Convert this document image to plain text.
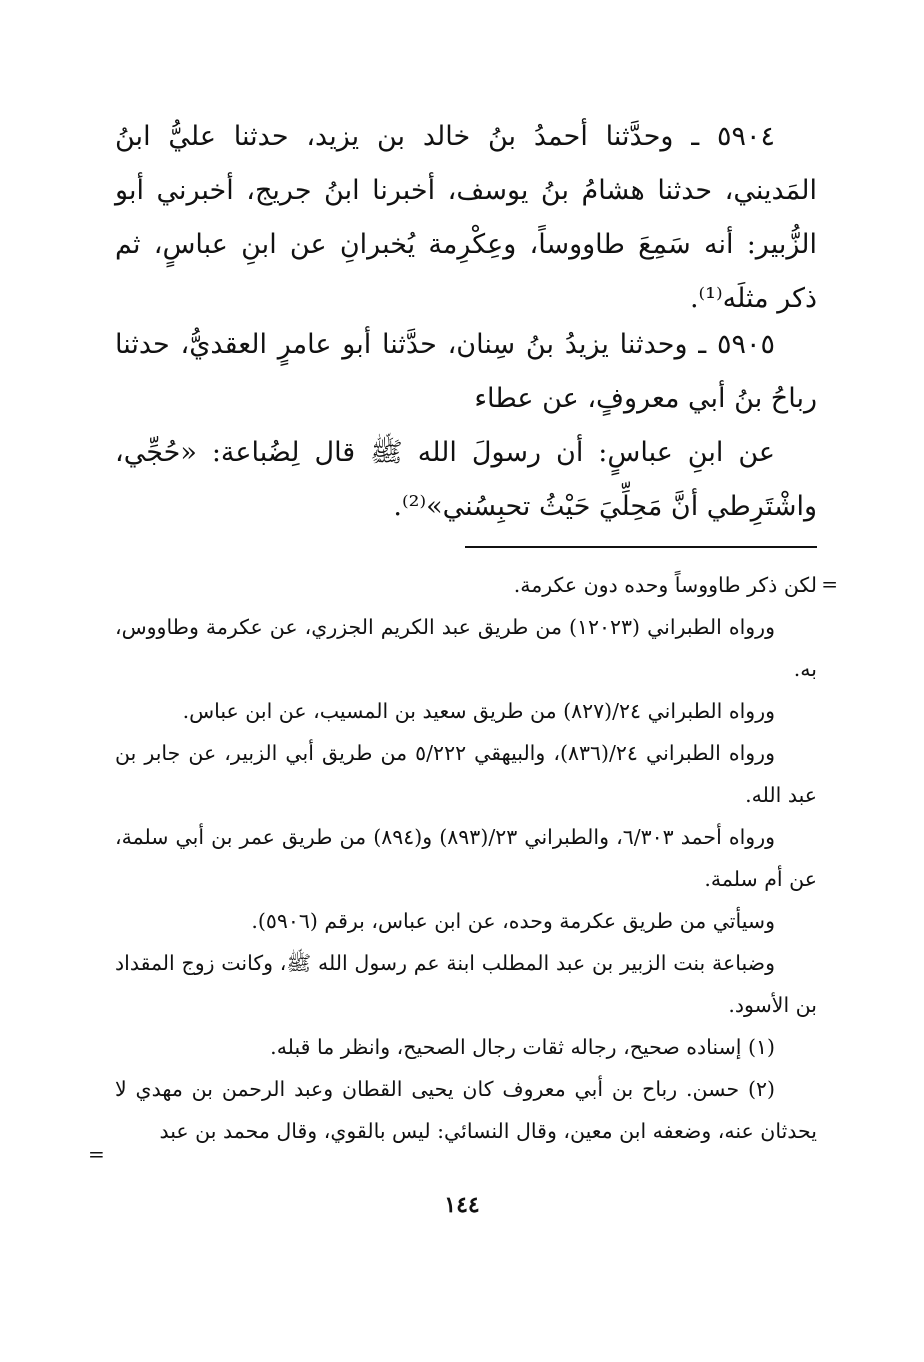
٥٩٠٤ ـ وحدَّثنا أحمدُ بنُ خالد بن يزيد، حدثنا عليُّ ابنُ المَديني، حدثنا هشامُ بنُ يوسف، أخبرنا ابنُ جريج، أخبرني أبو الزُّبير: أنه سَمِعَ طاووساً، وعِكْرِمة يُخبرانِ عن ابنِ عباسٍ، ثم ذكر مثلَه⁽¹⁾.

٥٩٠٥ ـ وحدثنا يزيدُ بنُ سِنان، حدَّثنا أبو عامرٍ العقديُّ، حدثنا رباحُ بنُ أبي معروفٍ، عن عطاء

عن ابنِ عباسٍ: أن رسولَ الله ﷺ قال لِضُباعة: «حُجِّي، واشْتَرِطي أنَّ مَحِلِّيَ حَيْثُ تحبِسُني»⁽²⁾.

=

لكن ذكر طاووساً وحده دون عكرمة.

ورواه الطبراني (١٢٠٢٣) من طريق عبد الكريم الجزري، عن عكرمة وطاووس، به.

ورواه الطبراني ٢٤/(٨٢٧) من طريق سعيد بن المسيب، عن ابن عباس.

ورواه الطبراني ٢٤/(٨٣٦)، والبيهقي ٥/٢٢٢ من طريق أبي الزبير، عن جابر بن عبد الله.

ورواه أحمد ٦/٣٠٣، والطبراني ٢٣/(٨٩٣) و(٨٩٤) من طريق عمر بن أبي سلمة، عن أم سلمة.

وسيأتي من طريق عكرمة وحده، عن ابن عباس، برقم (٥٩٠٦).

وضباعة بنت الزبير بن عبد المطلب ابنة عم رسول الله ﷺ، وكانت زوج المقداد بن الأسود.

(١) إسناده صحيح، رجاله ثقات رجال الصحيح، وانظر ما قبله.

(٢) حسن. رباح بن أبي معروف كان يحيى القطان وعبد الرحمن بن مهدي لا يحدثان عنه، وضعفه ابن معين، وقال النسائي: ليس بالقوي، وقال محمد بن عبد

=
١٤٤
